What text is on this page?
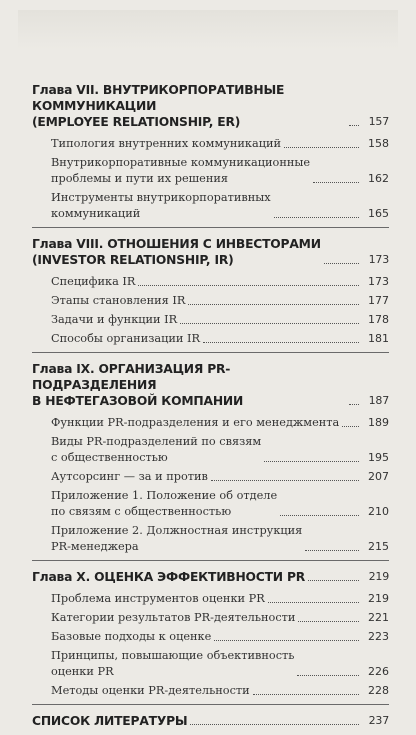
Глава VII. ВНУТРИКОРПОРАТИВНЫЕ КОММУНИКАЦИИ
(EMPLOYEE RELATIONSHIP, ER)	157
Типология внутренних коммуникаций	158
Внутрикорпоративные коммуникационные
проблемы и пути их решения	162
Инструменты внутрикорпоративных
коммуникаций	165
Глава VIII. ОТНОШЕНИЯ С ИНВЕСТОРАМИ
(INVESTOR RELATIONSHIP, IR)	173
Специфика IR	173
Этапы становления IR	177
Задачи и функции IR	178
Способы организации IR	181
Глава IX. ОРГАНИЗАЦИЯ PR-ПОДРАЗДЕЛЕНИЯ
В НЕФТЕГАЗОВОЙ КОМПАНИИ	187
Функции PR-подразделения и его менеджмента	189
Виды PR-подразделений по связям
с общественностью	195
Аутсорсинг — за и против	207
Приложение 1. Положение об отделе
по связям с общественностью	210
Приложение 2. Должностная инструкция
PR-менеджера	215
Глава X. ОЦЕНКА ЭФФЕКТИВНОСТИ PR	219
Проблема инструментов оценки PR	219
Категории результатов PR-деятельности	221
Базовые подходы к оценке	223
Принципы, повышающие объективность
оценки PR	226
Методы оценки PR-деятельности	228
СПИСОК ЛИТЕРАТУРЫ	237
